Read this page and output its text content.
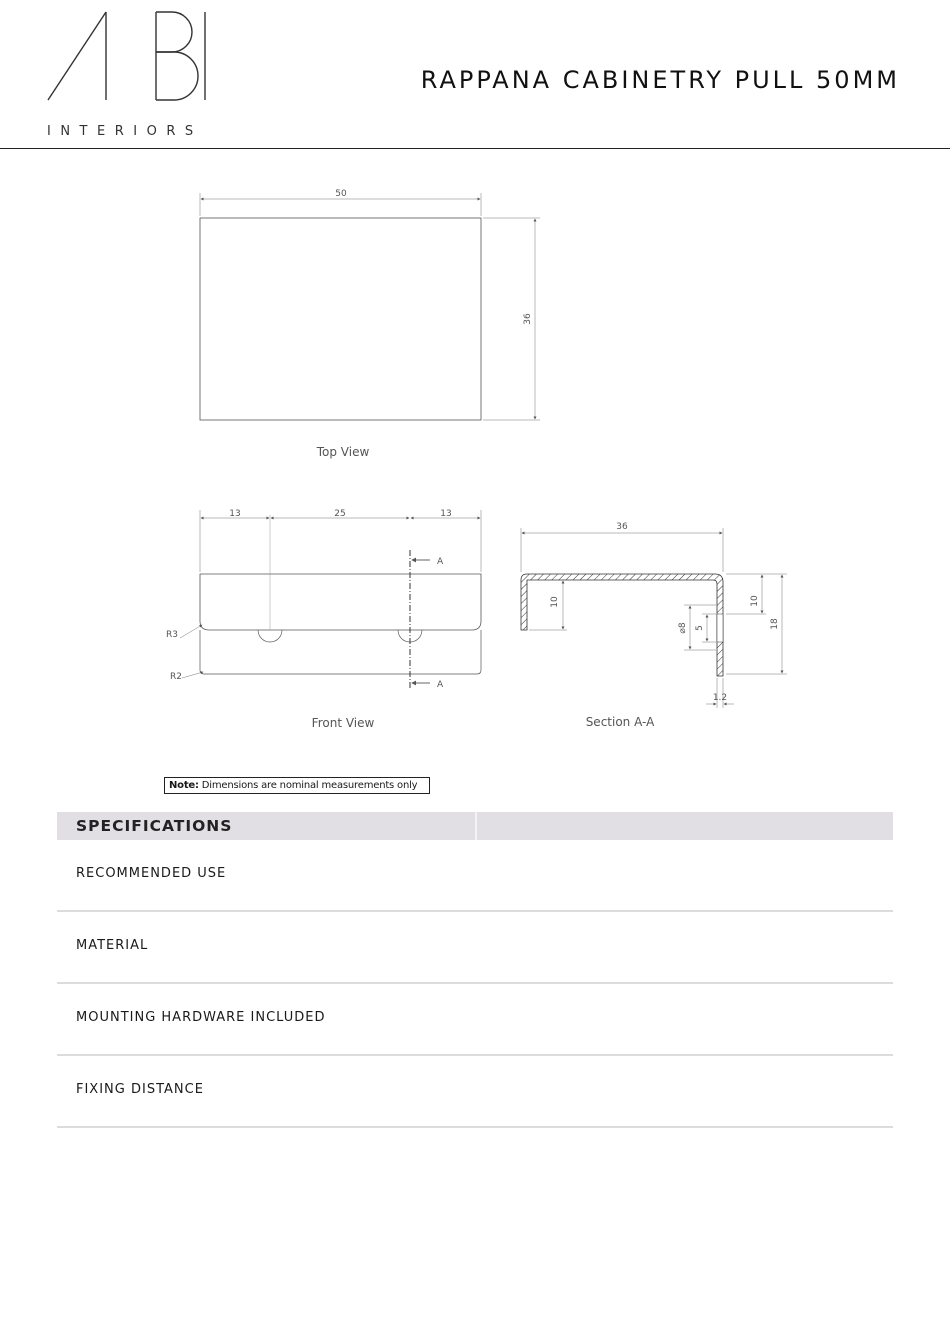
INTERIORS
RAPPANA CABINETRY PULL 50MM
50
36
Top View
13	25	13
A
A
R3
R2
Front View
36
10	10
18
⌀8 5
1.2
Section A-A
Note: Dimensions are nominal measurements only
SPECIFICATIONS
RECOMMENDED USE
MATERIAL
MOUNTING HARDWARE INCLUDED
FIXING DISTANCE
